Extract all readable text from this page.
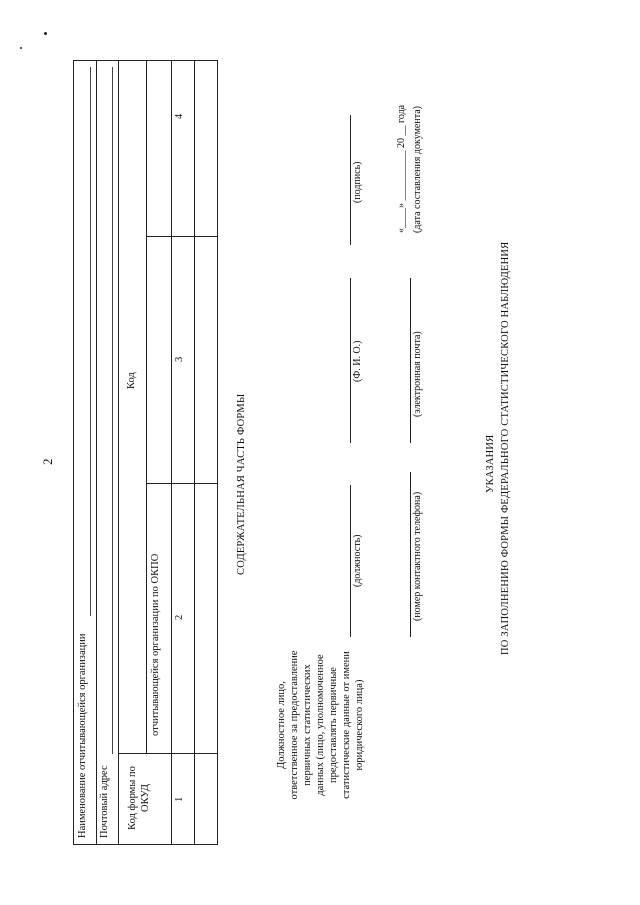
2
Наименование отчитывающейся организации Почтовый адрес Код формы по ОКУД
Код
отчитывающейся организации по ОКПО
1
2
3
4
СОДЕРЖАТЕЛЬНАЯ ЧАСТЬ ФОРМЫ
Должностное лицо, ответственное за предоставление первичных статистических данных (лицо, уполномоченное предоставлять первичные статистические данные от имени юридического лица)
(должность)
(Ф. И. О.)
(подпись)
(номер контактного телефона)
(электронная почта)
«____» __________ 20 __ года (дата составления документа)
УКАЗАНИЯ ПО ЗАПОЛНЕНИЮ ФОРМЫ ФЕДЕРАЛЬНОГО СТАТИСТИЧЕСКОГО НАБЛЮДЕНИЯ
